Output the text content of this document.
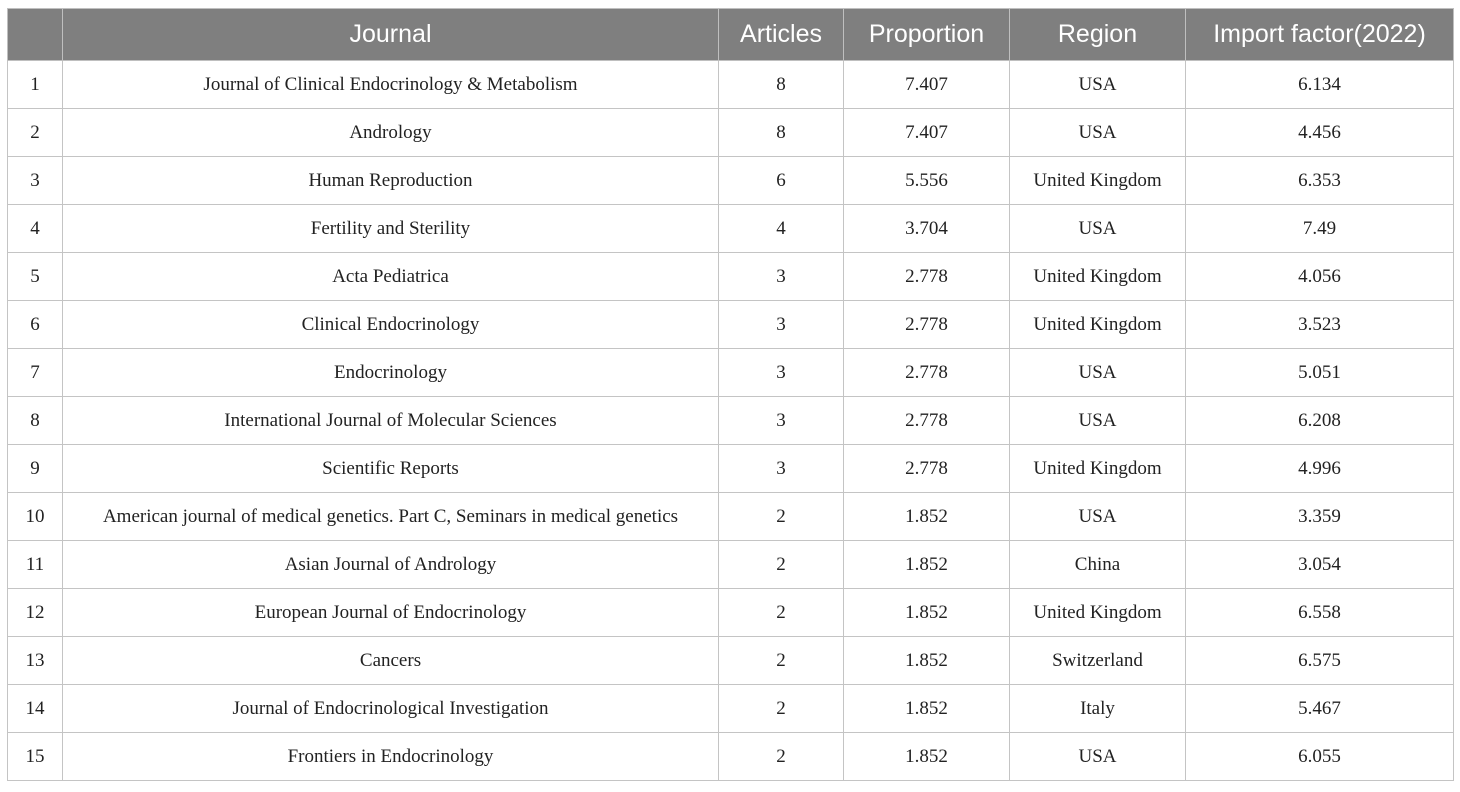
	Journal	Articles	Proportion	Region	Import factor(2022)
1	Journal of Clinical Endocrinology & Metabolism	8	7.407	USA	6.134
2	Andrology	8	7.407	USA	4.456
3	Human Reproduction	6	5.556	United Kingdom	6.353
4	Fertility and Sterility	4	3.704	USA	7.49
5	Acta Pediatrica	3	2.778	United Kingdom	4.056
6	Clinical Endocrinology	3	2.778	United Kingdom	3.523
7	Endocrinology	3	2.778	USA	5.051
8	International Journal of Molecular Sciences	3	2.778	USA	6.208
9	Scientific Reports	3	2.778	United Kingdom	4.996
10	American journal of medical genetics. Part C, Seminars in medical genetics	2	1.852	USA	3.359
11	Asian Journal of Andrology	2	1.852	China	3.054
12	European Journal of Endocrinology	2	1.852	United Kingdom	6.558
13	Cancers	2	1.852	Switzerland	6.575
14	Journal of Endocrinological Investigation	2	1.852	Italy	5.467
15	Frontiers in Endocrinology	2	1.852	USA	6.055
